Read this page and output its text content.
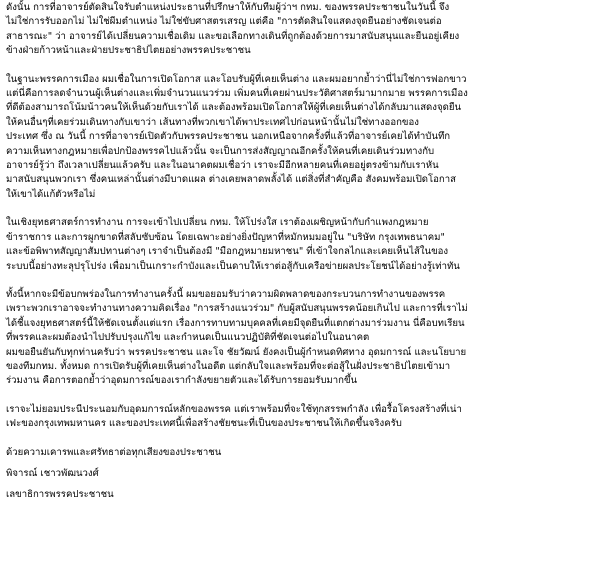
ดังนั้น การที่อาจารย์ตัดสินใจรับตำแหน่งประธานที่ปรึกษาให้กับทีมผู้ว่าฯ กทม. ของพรรคประชาชนในวันนี้ จึง
ไม่ใช่การรับออกไม่ ไม่ใช่ผีมตำแหน่ง ไม่ใช่ขับศาสตรเสรญ แต่คือ "การตัดสินใจแสดงจุดยืนอย่างชัดเจนต่อ
สาธารณะ" ว่า อาจารย์ได้เปลี่ยนความเชื่อเดิม และขอเลือกทางเดินที่ถูกต้องด้วยการมาสนับสนุนและยืนอยู่เคียง
ข้างฝ่ายก้าวหน้าและฝ่ายประชาธิปไตยอย่างพรรคประชาชน

ในฐานะพรรคการเมือง ผมเชื่อในการเปิดโอกาส และโอบรับผู้ที่เคยเห็นต่าง และผมอยากย้ำว่านี่ไม่ใช่การฟอกขาว
แต่นี่คือการลดจำนวนผู้เห็นต่างและเพิ่มจำนวนแนวร่วม เพิ่มคนที่เคยผ่านประวัติศาสตร์มามากมาย พรรคการเมือง
ที่ดีต้องสามารถโน้มน้าวคนให้เห็นด้วยกับเราได้ และต้องพร้อมเปิดโอกาสให้ผู้ที่เคยเห็นต่างได้กลับมาแสดงจุดยืน
ให้คนอื่นๆที่เคยร่วมเดินทางกับเขาว่า เส้นทางที่พวกเขาได้พาประเทศไปก่อนหน้านั้นไม่ใช่ทางออกของ
ประเทศ ซึ่ง ณ วันนี้ การที่อาจารย์เปิดตัวกับพรรคประชาชน นอกเหนือจากครั้งที่แล้วที่อาจารย์เคยได้ทำบันทึก
ความเห็นทางกฎหมายเพื่อปกป้องพรรคไปแล้วนั้น จะเป็นการส่งสัญญาณอีกครั้งให้คนที่เคยเดินร่วมทางกับ
อาจารย์รู้ว่า ถึงเวลาเปลี่ยนแล้วครับ และในอนาคตผมเชื่อว่า เราจะมีอีกหลายคนที่เคยอยู่ตรงข้ามกับเราหัน
มาสนับสนุนพวกเรา ซึ่งคนเหล่านั้นต่างมีบาดแผล ต่างเคยพลาดพลั้งได้ แต่สิ่งที่สำคัญคือ สังคมพร้อมเปิดโอกาส
ให้เขาได้แก้ตัวหรือไม่

ในเชิงยุทธศาสตร์การทำงาน การจะเข้าไปเปลี่ยน กทม. ให้โปร่งใส เราต้องเผชิญหน้ากับกำแพงกฎหมาย
ข้าราชการ และการผูกขาดที่สลับซับซ้อน โดยเฉพาะอย่างยิ่งปัญหาที่หมักหมมอยู่ใน "บริษัท กรุงเทพธนาคม"
และข้อพิพาทสัญญาสัมปทานต่างๆ เราจำเป็นต้องมี "มือกฎหมายมหาชน" ที่เข้าใจกลไกและเคยเห็นไส้ในของ
ระบบนี้อย่างทะลุปรุโปร่ง เพื่อมาเป็นเกราะกำบังและเป็นดาบให้เราต่อสู้กับเครือข่ายผลประโยชน์ได้อย่างรู้เท่าทัน

ทั้งนี้หากจะมีข้อบกพร่องในการทำงานครั้งนี้ ผมขอยอมรับว่าความผิดพลาดของกระบวนการทำงานของพรรค
เพราะพวกเราอาจจะทำงานทางความคิดเรื่อง "การสร้างแนวร่วม" กับผู้สนับสนุนพรรคน้อยเกินไป และการที่เราไม่
ได้ชี้แจงยุทธศาสตร์นี้ให้ชัดเจนตั้งแต่แรก เรื่องการทาบทามบุคคลที่เคยมีจุดยืนที่แตกต่างมาร่วมงาน นี่คือบทเรียน
ที่พรรคและผมต้องนำไปปรับปรุงแก้ไข และกำหนดเป็นแนวปฏิบัติที่ชัดเจนต่อไปในอนาคต
ผมขอยืนยันกับทุกท่านครับว่า พรรคประชาชน และโจ ชัยวัฒน์ ยังคงเป็นผู้กำหนดทิศทาง อุดมการณ์ และนโยบาย
ของทีมกทม. ทั้งหมด การเปิดรับผู้ที่เคยเห็นต่างในอดีต แต่กลับใจและพร้อมที่จะต่อสู้ในฝั่งประชาธิปไตยเข้ามา
ร่วมงาน คือการตอกย้ำว่าอุดมการณ์ของเรากำลังขยายตัวและได้รับการยอมรับมากขึ้น

เราจะไม่ยอมประนีประนอมกับอุดมการณ์หลักของพรรค แต่เราพร้อมที่จะใช้ทุกสรรพกำลัง เพื่อรื้อโครงสร้างที่เน่า
เฟะของกรุงเทพมหานคร และของประเทศนี้เพื่อสร้างชัยชนะที่เป็นของประชาชนให้เกิดขึ้นจริงครับ

ด้วยความเคารพและศรัทธาต่อทุกเสียงของประชาชน

พิจารณ์ เชาวพัฒนวงศ์

เลขาธิการพรรคประชาชน
